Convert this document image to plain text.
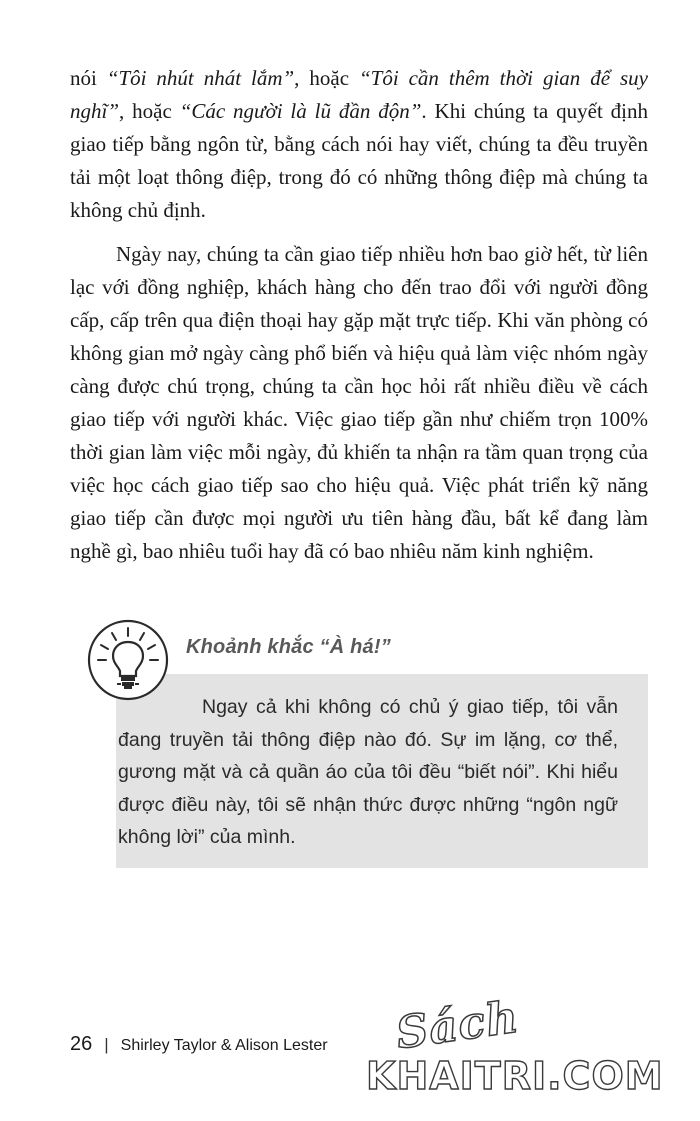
nói “Tôi nhút nhát lắm”, hoặc “Tôi cần thêm thời gian để suy nghĩ”, hoặc “Các người là lũ đần độn”. Khi chúng ta quyết định giao tiếp bằng ngôn từ, bằng cách nói hay viết, chúng ta đều truyền tải một loạt thông điệp, trong đó có những thông điệp mà chúng ta không chủ định.

Ngày nay, chúng ta cần giao tiếp nhiều hơn bao giờ hết, từ liên lạc với đồng nghiệp, khách hàng cho đến trao đổi với người đồng cấp, cấp trên qua điện thoại hay gặp mặt trực tiếp. Khi văn phòng có không gian mở ngày càng phổ biến và hiệu quả làm việc nhóm ngày càng được chú trọng, chúng ta cần học hỏi rất nhiều điều về cách giao tiếp với người khác. Việc giao tiếp gần như chiếm trọn 100% thời gian làm việc mỗi ngày, đủ khiến ta nhận ra tầm quan trọng của việc học cách giao tiếp sao cho hiệu quả. Việc phát triển kỹ năng giao tiếp cần được mọi người ưu tiên hàng đầu, bất kể đang làm nghề gì, bao nhiêu tuổi hay đã có bao nhiêu năm kinh nghiệm.

Khoảnh khắc “À há!”
Ngay cả khi không có chủ ý giao tiếp, tôi vẫn đang truyền tải thông điệp nào đó. Sự im lặng, cơ thể, gương mặt và cả quần áo của tôi đều “biết nói”. Khi hiểu được điều này, tôi sẽ nhận thức được những “ngôn ngữ không lời” của mình.
26 | Shirley Taylor & Alison Lester Sách
KHAITRI.COM
